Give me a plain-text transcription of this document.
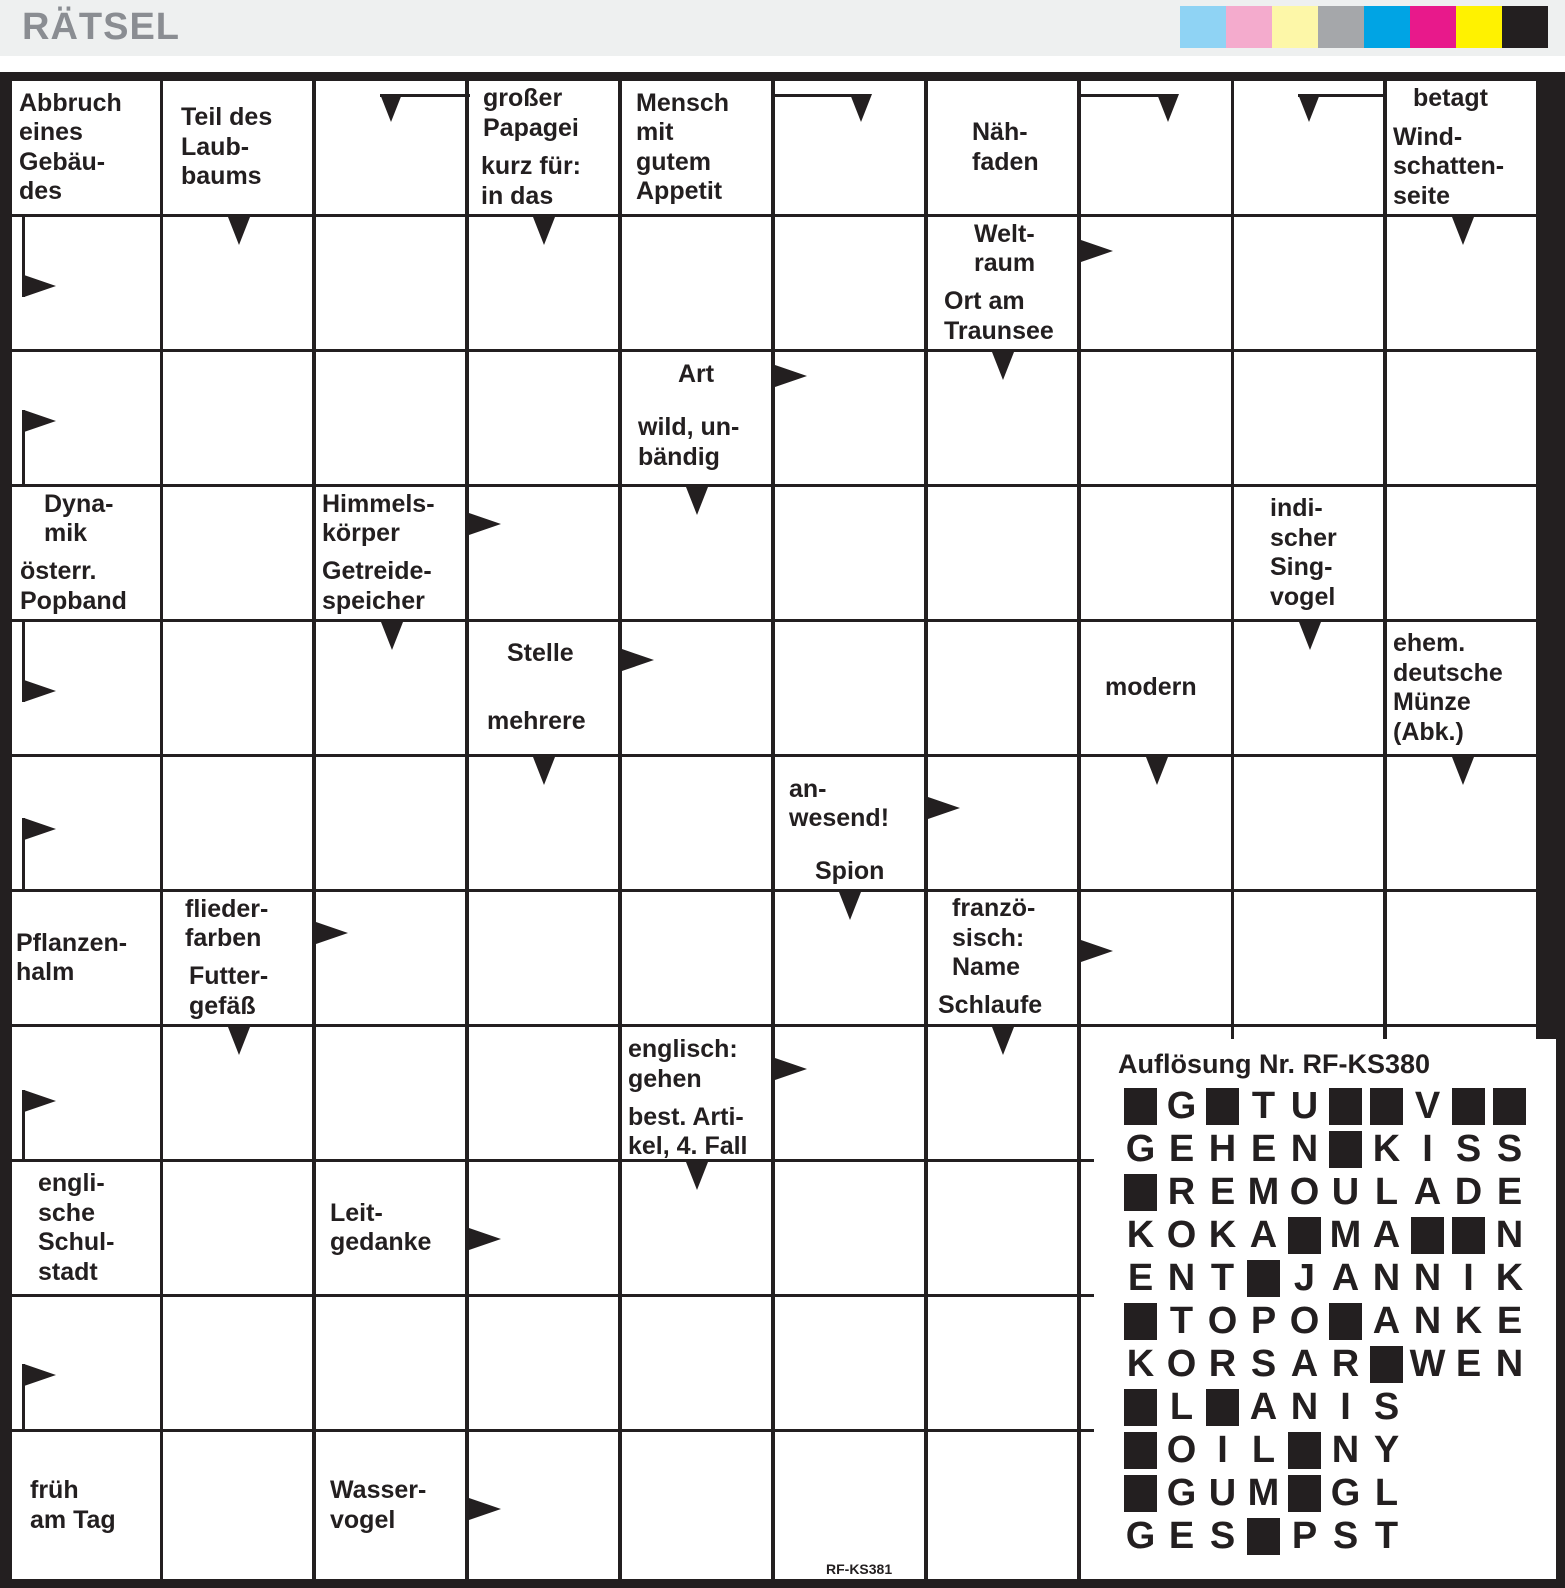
RÄTSEL
Abbruch
eines
Gebäu-
des
Teil des
Laub-
baums
großer
Papagei
kurz für:
in das
Mensch
mit
gutem
Appetit
Näh-
faden
betagt
Wind-
schatten-
seite
Welt-
raum
Ort am
Traunsee
Art
wild, un-
bändig
Dyna-
mik
österr.
Popband
Himmels-
körper
Getreide-
speicher
indi-
scher
Sing-
vogel
Stelle
mehrere
modern
ehem.
deutsche
Münze
(Abk.)
an-
wesend!
Spion
Pflanzen-
halm
flieder-
farben
Futter-
gefäß
franzö-
sisch:
Name
Schlaufe
englisch:
gehen
best. Arti-
kel, 4. Fall
engli-
sche
Schul-
stadt
Leit-
gedanke
früh
am Tag
Wasser-
vogel
Auflösung Nr. RF-KS380
G T U	V
G E H E N K I S S
R E M O U L A D E
K O K A M A	N
E N T J A N N I K
T O P O A N K E
K O R S A R W E N
L A N I S
O I L N Y
G U M G L
G E S P S T
RF-KS381
